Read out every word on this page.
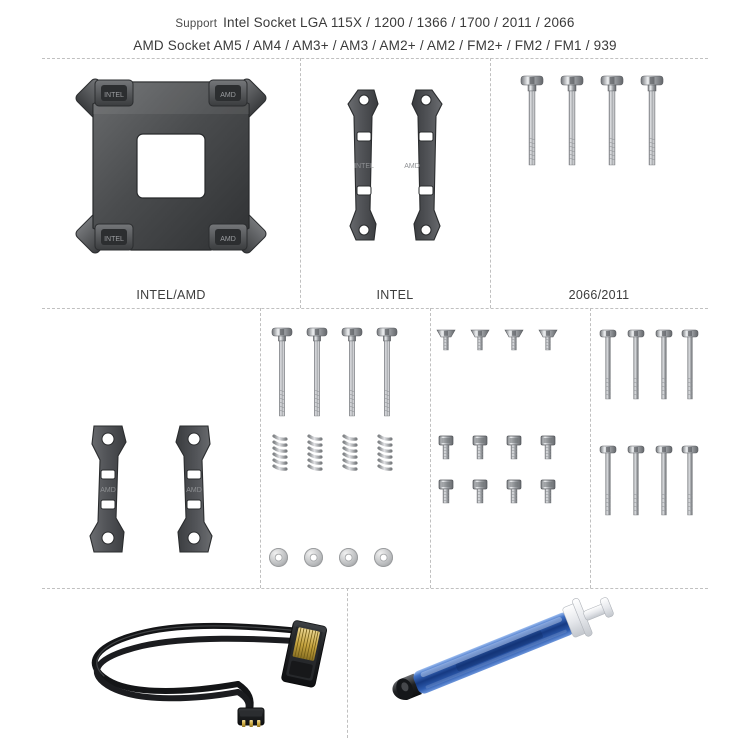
Support Intel Socket LGA 115X / 1200 / 1366 / 1700 / 2011 / 2066
AMD Socket AM5 / AM4 / AM3+ / AM3 / AM2+ / AM2 / FM2+ / FM2 / FM1 / 939
INTEL	AMD
INTEL	AMD
INTEL/AMD
INTEL	AMD
INTEL	2066/2011
AMD	AMD
